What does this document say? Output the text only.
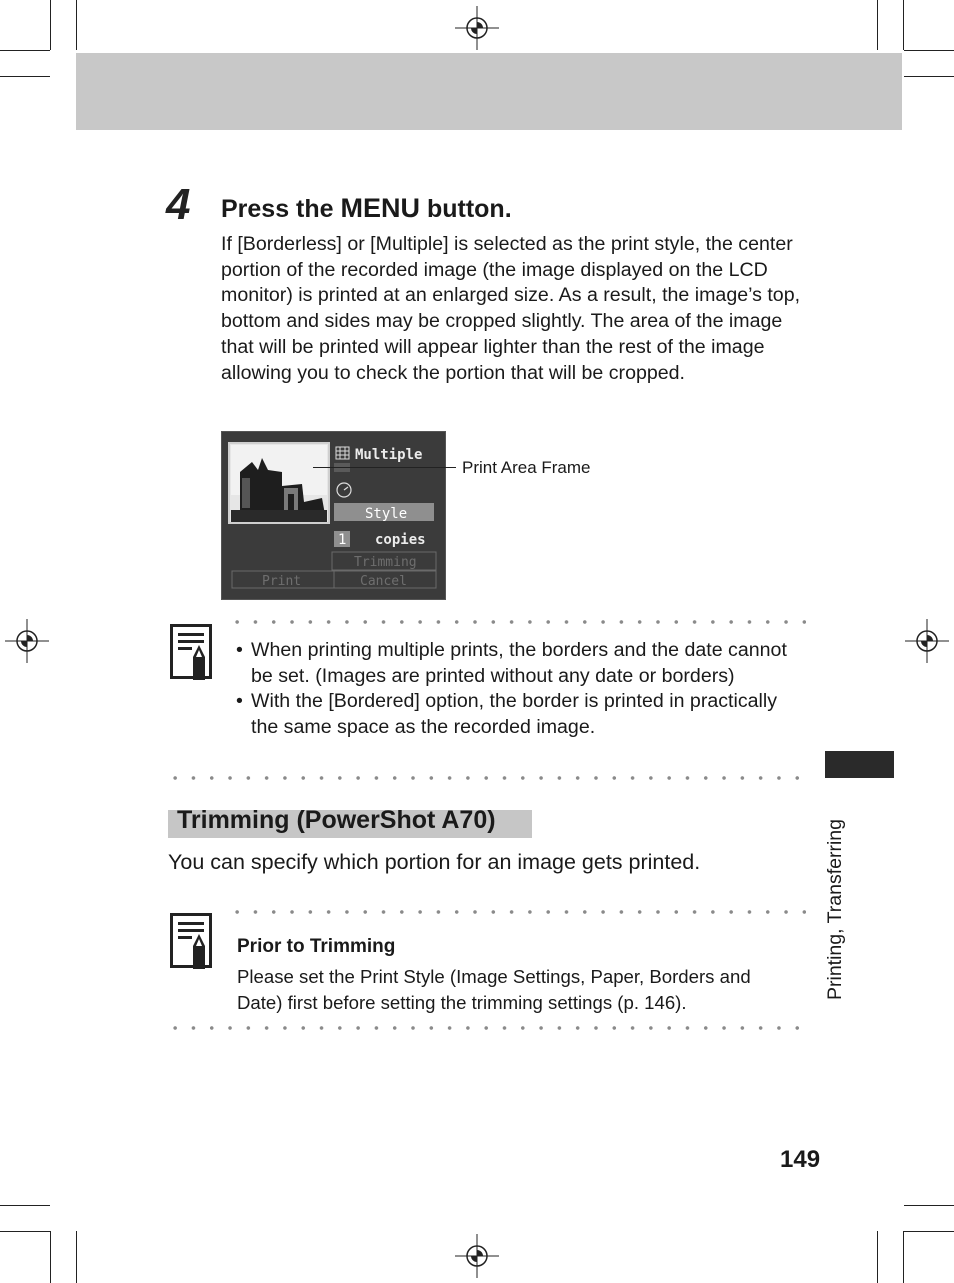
4 Press the MENU button.
If [Borderless] or [Multiple] is selected as the print style, the center portion of the recorded image (the image displayed on the LCD monitor) is printed at an enlarged size. As a result, the image’s top, bottom and sides may be cropped slightly. The area of the image that will be printed will appear lighter than the rest of the image allowing you to check the portion that will be cropped.
Multiple
Style
1 copies
Trimming
Print	Cancel
Print Area Frame
• When printing multiple prints, the borders and the date cannot be set. (Images are printed without any date or borders)
• With the [Bordered] option, the border is printed in practically the same space as the recorded image.
Trimming (PowerShot A70)
You can specify which portion for an image gets printed.
Prior to Trimming
Please set the Print Style (Image Settings, Paper, Borders and Date) first before setting the trimming settings (p. 146).
Printing, Transferring
149
